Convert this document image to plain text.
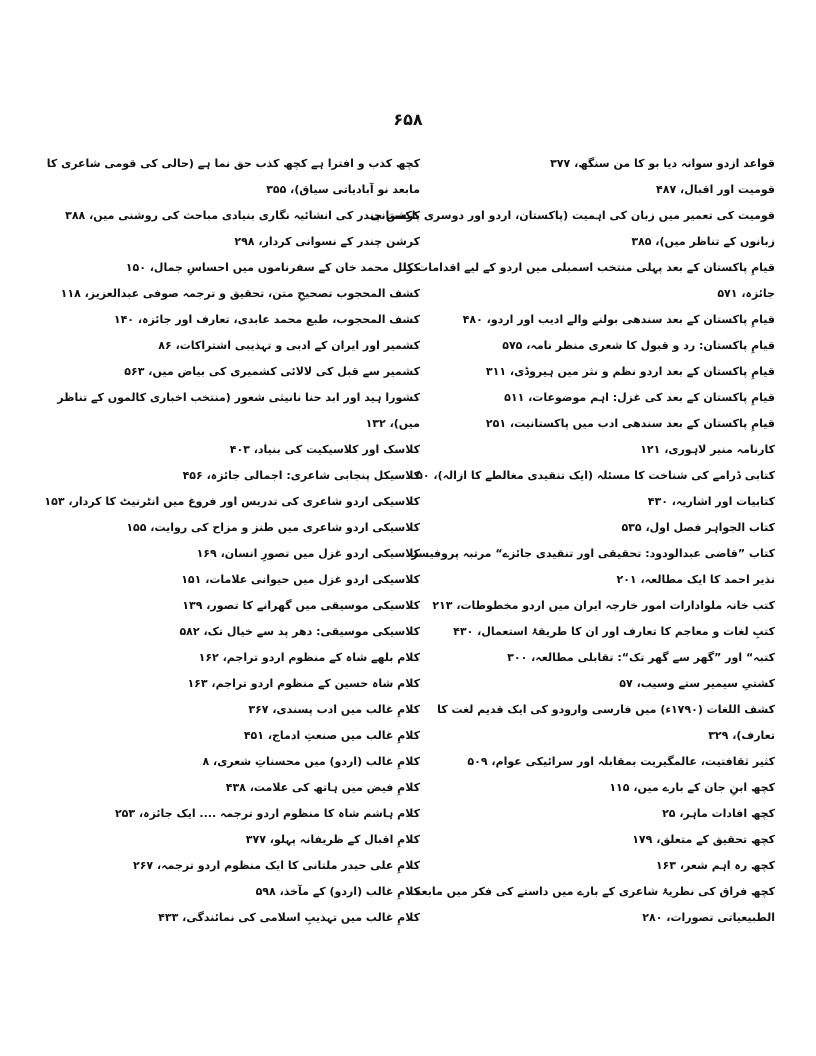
۶۵۸
قواعد ازدو سوانہ دیا بو کا من سنگھ، ۳۷۷
قومیت اور اقبال، ۴۸۷
قومیت کی تعمیر میں زبان کی اہمیت (پاکستان، اردو اور دوسری پاکستانی
زبانوں کے تناظر میں)، ۳۸۵
قیامِ پاکستان کے بعد پہلی منتخب اسمبلی میں اردو کے لیے اقدامات کا
جائزہ، ۵۷۱
قیامِ پاکستان کے بعد سندھی بولنے والے ادیب اور اردو، ۴۸۰
قیامِ پاکستان: رد و قبول کا شعری منظر نامہ، ۵۷۵
قیامِ پاکستان کے بعد اردو نظم و نثر میں ہیروڈی، ۳۱۱
قیامِ پاکستان کے بعد کی غزل: اہم موضوعات، ۵۱۱
قیامِ پاکستان کے بعد سندھی ادب میں پاکستانیت، ۲۵۱
کارنامہ منیر لاہوری، ۱۲۱
کتابی ڈرامے کی شناخت کا مسئلہ (ایک تنقیدی مغالطے کا ازالہ)، ۵۰
کتابیات اور اشاریہ، ۴۳۰
کتاب الجواہر فصل اول، ۵۳۵
کتاب ”قاضی عبدالودود: تحقیقی اور تنقیدی جائزے“ مرتبہ پروفیسر
نذیر احمد کا ایک مطالعہ، ۲۰۱
کتب خانہ ملوادارات امور خارجہ ایران میں اردو مخطوطات، ۲۱۳
کتبِ لغات و معاجم کا تعارف اور ان کا طریقۂ استعمال، ۴۳۰
کتبہ“ اور ”گھر سے گھر تک“: تقابلی مطالعہ، ۳۰۰
کشتیِ سیمیر ستے وسیب، ۵۷
کشف اللغات (۱۷۹۰ء) میں فارسی وارودو کی ایک قدیم لغت کا
تعارف)، ۳۲۹
کثیر ثقافتیت، عالمگیریت بمقابلہ اور سرائیکی عوام، ۵۰۹
کچھ ابنِ جان کے بارے میں، ۱۱۵
کچھ افادات ماہر، ۲۵
کچھ تحقیق کے متعلق، ۱۷۹
کچھ رہ اہم شعر، ۱۶۳
کچھ فراق کی نظریۂ شاعری کے بارے میں داستے کی فکر میں مابعد
الطبیعیاتی تصورات، ۲۸۰
کچھ کذب و افترا ہے کچھ کذب حق نما ہے (حالی کی قومی شاعری کا
مابعد نو آبادیاتی سیاق)، ۳۵۵
کرشن چندر کی انشائیہ نگاری بنیادی مباحث کی روشنی میں، ۳۸۸
کرشن چندر کے نسوانی کردار، ۲۹۸
کرنل محمد خان کے سفرناموں میں احساسِ جمال، ۱۵۰
کشف المحجوب تصحیحِ متن، تحقیق و ترجمہ صوفی عبدالعزیز، ۱۱۸
کشف المحجوب، طبع محمد عابدی، تعارف اور جائزہ، ۱۴۰
کشمیر اور ایران کے ادبی و تہذیبی اشتراکات، ۸۶
کشمیر سے قبل کی لالائی کشمیری کی بیاض میں، ۵۶۳
کشورا ہید اور ابد حنا نانیثی شعور (منتخب اخباری کالموں کے تناظر
میں)، ۱۳۲
کلاسک اور کلاسیکیت کی بنیاد، ۴۰۳
کلاسیکل پنجابی شاعری: اجمالی جائزہ، ۴۵۶
کلاسیکی اردو شاعری کی تدریس اور فروغ میں انٹرنیٹ کا کردار، ۱۵۳
کلاسیکی اردو شاعری میں طنز و مزاح کی روایت، ۱۵۵
کلاسیکی اردو غزل میں تصورِ انسان، ۱۶۹
کلاسیکی اردو غزل میں حیوانی علامات، ۱۵۱
کلاسیکی موسیقی میں گھرانے کا تصور، ۱۳۹
کلاسیکی موسیقی: دھر پد سے خیال تک، ۵۸۲
کلام بلھے شاہ کے منظوم اردو تراجم، ۱۶۲
کلام شاہ حسین کے منظوم اردو تراجم، ۱۶۳
کلامِ غالب میں ادب پسندی، ۳۶۷
کلامِ غالب میں صنعتِ ادماج، ۴۵۱
کلامِ غالب (اردو) میں محسناتِ شعری، ۸
کلامِ فیض میں ہاتھ کی علامت، ۴۳۸
کلام ہاشم شاہ کا منظوم اردو ترجمہ .... ایک جائزہ، ۲۵۳
کلامِ اقبال کے ظریفانہ پہلو، ۳۷۷
کلامِ علی حیدر ملتانی کا ایک منظوم اردو ترجمہ، ۲۶۷
کلامِ غالب (اردو) کے مآخذ، ۵۹۸
کلامِ غالب میں تہذیبِ اسلامی کی نمائندگی، ۴۳۳
